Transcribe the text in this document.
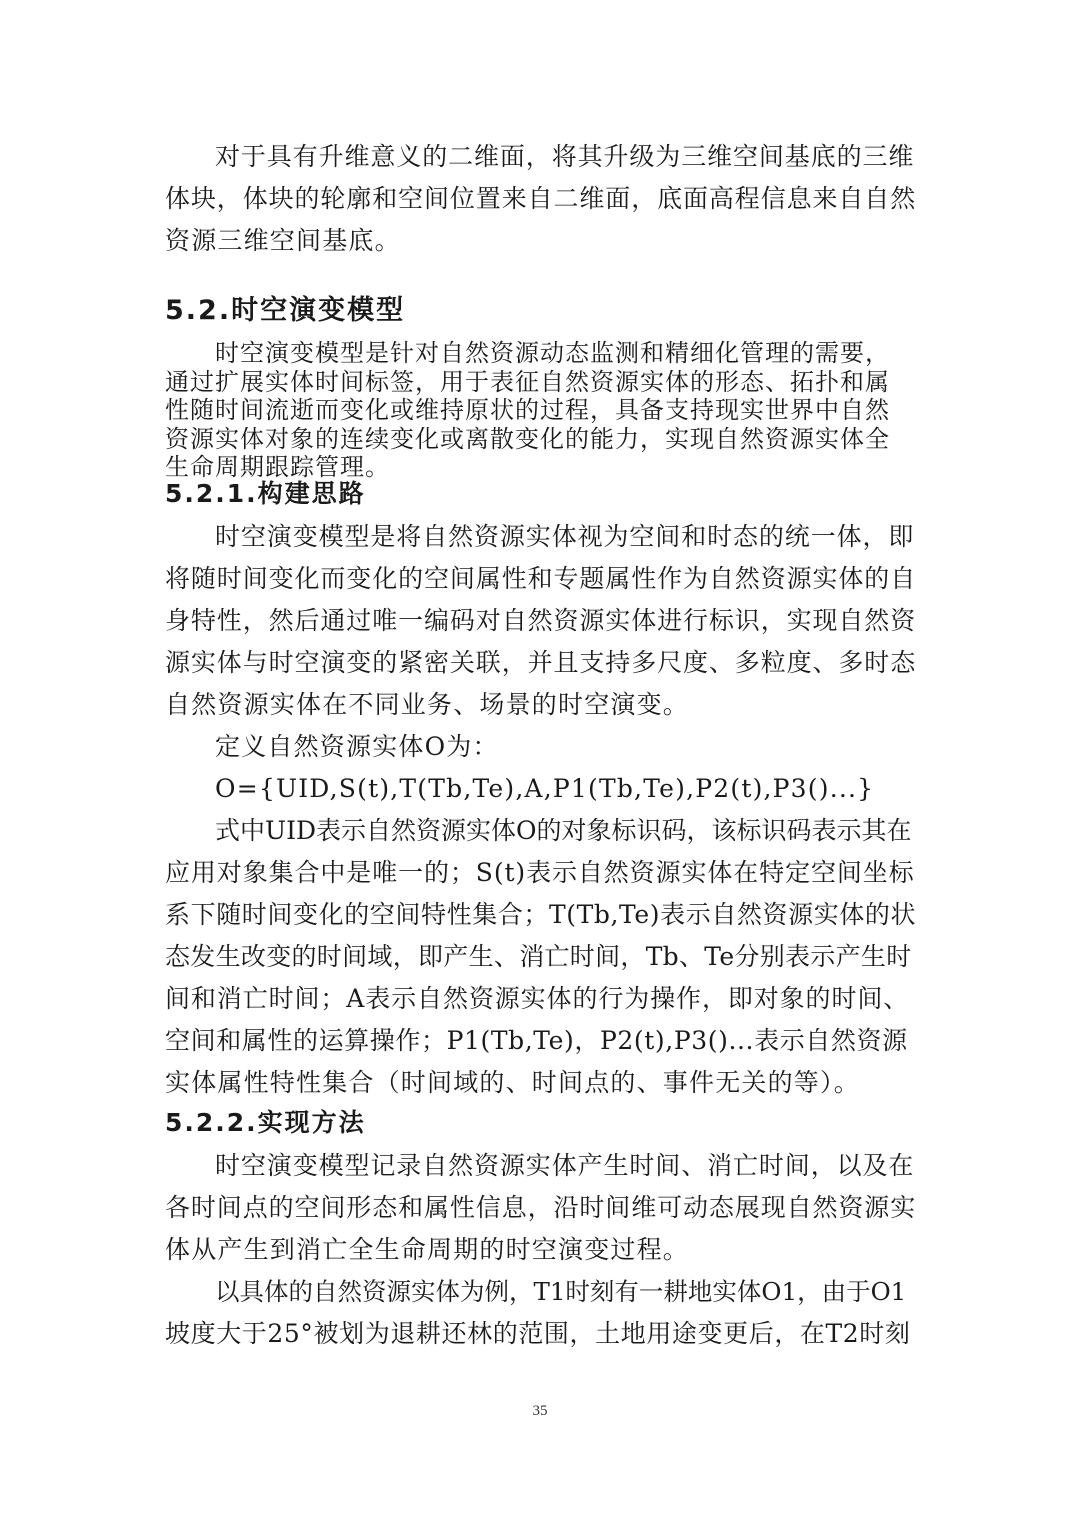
对于具有升维意义的二维面，将其升级为三维空间基底的三维
体块，体块的轮廓和空间位置来自二维面，底面高程信息来自自然
资源三维空间基底。
5.2.时空演变模型
时空演变模型是针对自然资源动态监测和精细化管理的需要，
通过扩展实体时间标签，用于表征自然资源实体的形态、拓扑和属
性随时间流逝而变化或维持原状的过程，具备支持现实世界中自然
资源实体对象的连续变化或离散变化的能力，实现自然资源实体全
生命周期跟踪管理。
5.2.1.构建思路
时空演变模型是将自然资源实体视为空间和时态的统一体，即
将随时间变化而变化的空间属性和专题属性作为自然资源实体的自
身特性，然后通过唯一编码对自然资源实体进行标识，实现自然资
源实体与时空演变的紧密关联，并且支持多尺度、多粒度、多时态
自然资源实体在不同业务、场景的时空演变。
定义自然资源实体O为：
O={UID,S(t),T(Tb,Te),A,P1(Tb,Te),P2(t),P3()...}
式中UID表示自然资源实体O的对象标识码，该标识码表示其在
应用对象集合中是唯一的；S(t)表示自然资源实体在特定空间坐标
系下随时间变化的空间特性集合；T(Tb,Te)表示自然资源实体的状
态发生改变的时间域，即产生、消亡时间，Tb、Te分别表示产生时
间和消亡时间；A表示自然资源实体的行为操作，即对象的时间、
空间和属性的运算操作；P1(Tb,Te)，P2(t),P3()...表示自然资源
实体属性特性集合（时间域的、时间点的、事件无关的等）。
5.2.2.实现方法
时空演变模型记录自然资源实体产生时间、消亡时间，以及在
各时间点的空间形态和属性信息，沿时间维可动态展现自然资源实
体从产生到消亡全生命周期的时空演变过程。
以具体的自然资源实体为例，T1时刻有一耕地实体O1，由于O1
坡度大于25°被划为退耕还林的范围，土地用途变更后，在T2时刻
35
